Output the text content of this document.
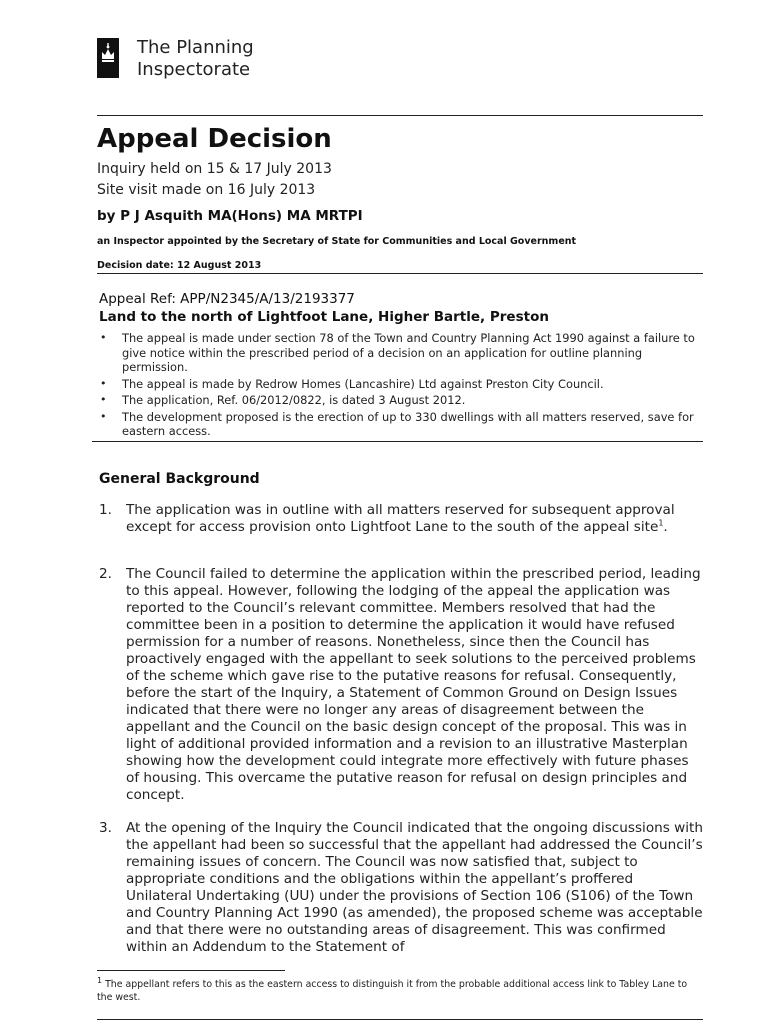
EST 1909
The Planning
Inspectorate
Appeal Decision
Inquiry held on 15 & 17 July 2013
Site visit made on 16 July 2013
by P J Asquith MA(Hons) MA MRTPI
an Inspector appointed by the Secretary of State for Communities and Local Government
Decision date: 12 August 2013
Appeal Ref: APP/N2345/A/13/2193377
Land to the north of Lightfoot Lane, Higher Bartle, Preston
• The appeal is made under section 78 of the Town and Country Planning Act 1990 against a failure to give notice within the prescribed period of a decision on an application for outline planning permission.
• The appeal is made by Redrow Homes (Lancashire) Ltd against Preston City Council.
• The application, Ref. 06/2012/0822, is dated 3 August 2012.
• The development proposed is the erection of up to 330 dwellings with all matters reserved, save for eastern access.
General Background
1. The application was in outline with all matters reserved for subsequent approval except for access provision onto Lightfoot Lane to the south of the appeal site$^1$.
2. The Council failed to determine the application within the prescribed period, leading to this appeal. However, following the lodging of the appeal the application was reported to the Council’s relevant committee. Members resolved that had the committee been in a position to determine the application it would have refused permission for a number of reasons. Nonetheless, since then the Council has proactively engaged with the appellant to seek solutions to the perceived problems of the scheme which gave rise to the putative reasons for refusal. Consequently, before the start of the Inquiry, a Statement of Common Ground on Design Issues indicated that there were no longer any areas of disagreement between the appellant and the Council on the basic design concept of the proposal. This was in light of additional provided information and a revision to an illustrative Masterplan showing how the development could integrate more effectively with future phases of housing. This overcame the putative reason for refusal on design principles and concept.
3. At the opening of the Inquiry the Council indicated that the ongoing discussions with the appellant had been so successful that the appellant had addressed the Council’s remaining issues of concern. The Council was now satisfied that, subject to appropriate conditions and the obligations within the appellant’s proffered Unilateral Undertaking (UU) under the provisions of Section 106 (S106) of the Town and Country Planning Act 1990 (as amended), the proposed scheme was acceptable and that there were no outstanding areas of disagreement. This was confirmed within an Addendum to the Statement of
$^1$ The appellant refers to this as the eastern access to distinguish it from the probable additional access link to Tabley Lane to the west.
